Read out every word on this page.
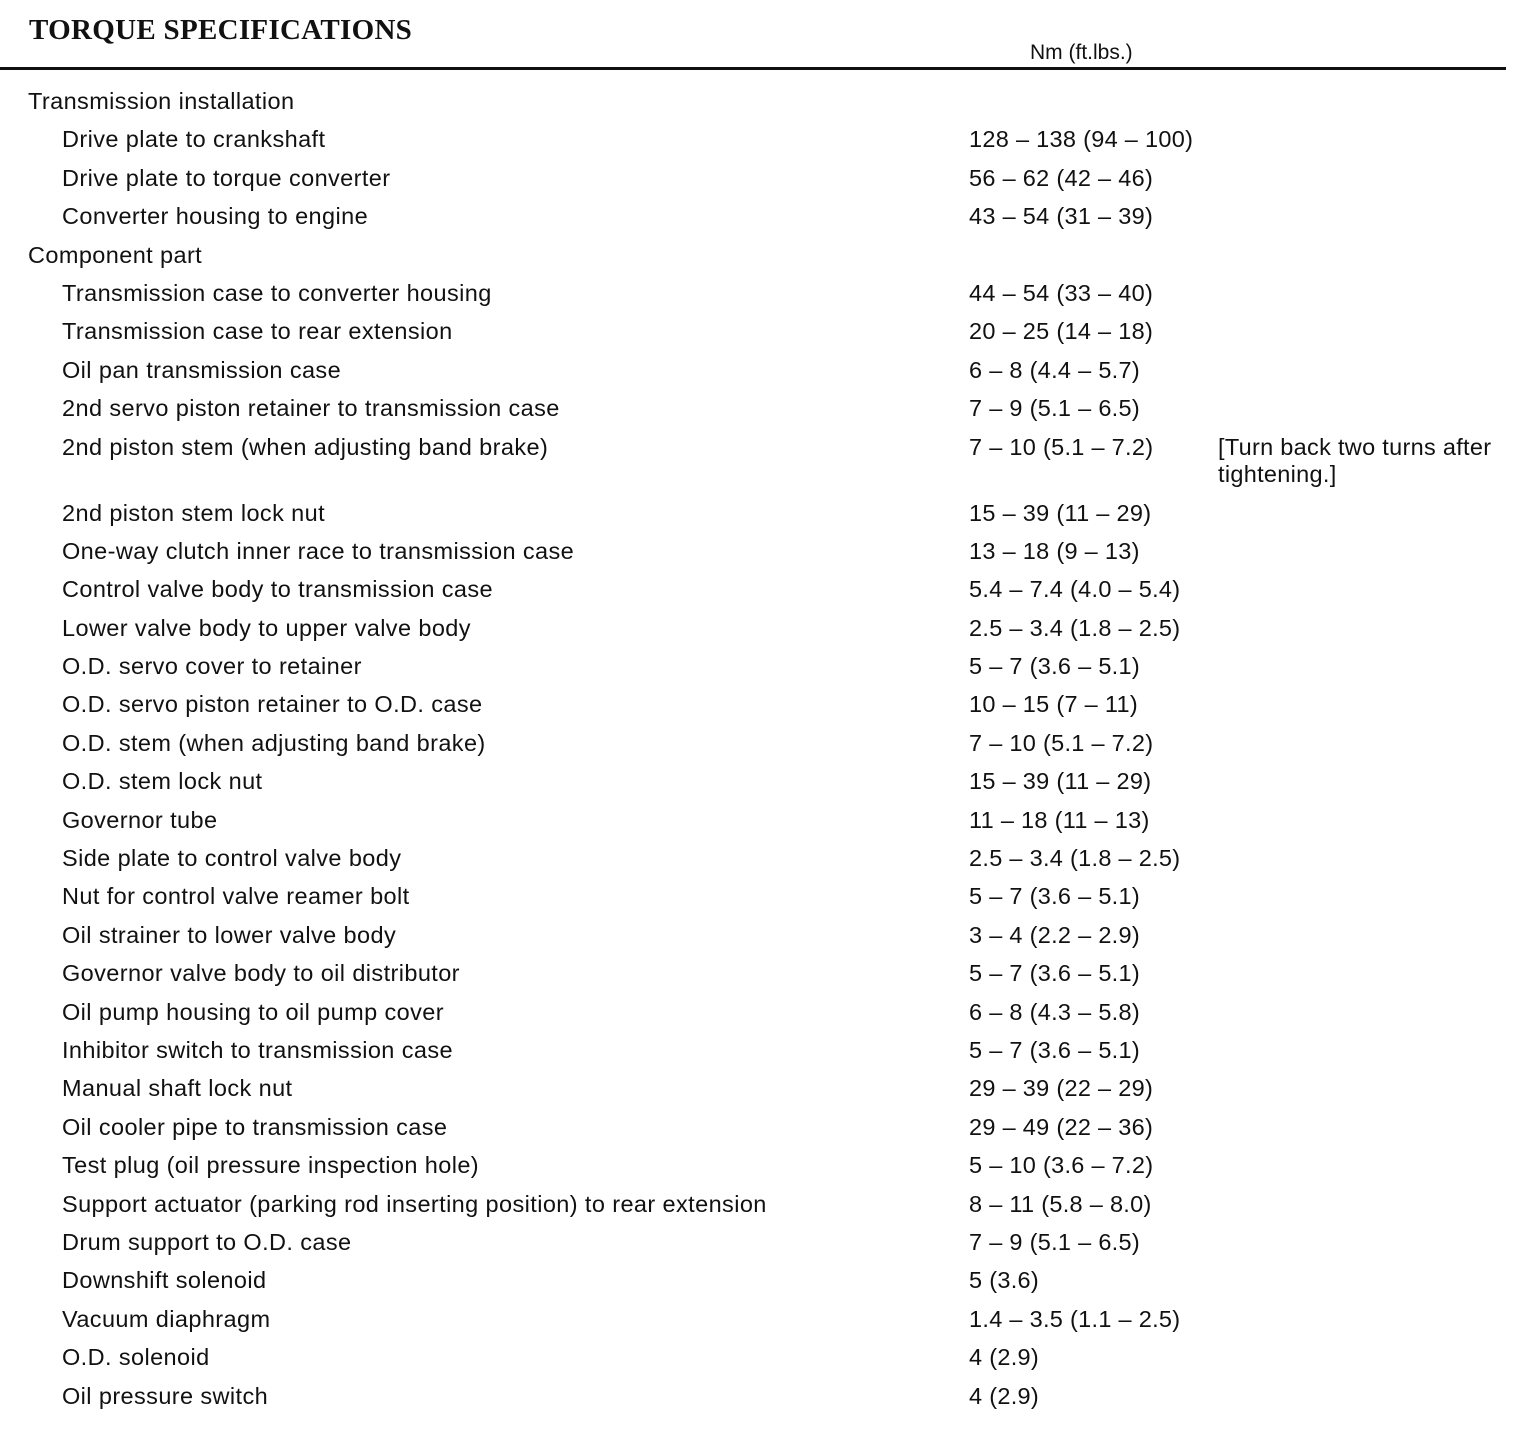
TORQUE SPECIFICATIONS
Nm (ft.lbs.)
Transmission installation
Drive plate to crankshaft	128 – 138 (94 – 100)
Drive plate to torque converter	56 – 62 (42 – 46)
Converter housing to engine	43 – 54 (31 – 39)
Component part
Transmission case to converter housing	44 – 54 (33 – 40)
Transmission case to rear extension	20 – 25 (14 – 18)
Oil pan transmission case	6 – 8 (4.4 – 5.7)
2nd servo piston retainer to transmission case	7 – 9 (5.1 – 6.5)
2nd piston stem (when adjusting band brake)	7 – 10 (5.1 – 7.2)	[Turn back two turns after tightening.]
2nd piston stem lock nut	15 – 39 (11 – 29)
One-way clutch inner race to transmission case	13 – 18 (9 – 13)
Control valve body to transmission case	5.4 – 7.4 (4.0 – 5.4)
Lower valve body to upper valve body	2.5 – 3.4 (1.8 – 2.5)
O.D. servo cover to retainer	5 – 7 (3.6 – 5.1)
O.D. servo piston retainer to O.D. case	10 – 15 (7 – 11)
O.D. stem (when adjusting band brake)	7 – 10 (5.1 – 7.2)
O.D. stem lock nut	15 – 39 (11 – 29)
Governor tube	11 – 18 (11 – 13)
Side plate to control valve body	2.5 – 3.4 (1.8 – 2.5)
Nut for control valve reamer bolt	5 – 7 (3.6 – 5.1)
Oil strainer to lower valve body	3 – 4 (2.2 – 2.9)
Governor valve body to oil distributor	5 – 7 (3.6 – 5.1)
Oil pump housing to oil pump cover	6 – 8 (4.3 – 5.8)
Inhibitor switch to transmission case	5 – 7 (3.6 – 5.1)
Manual shaft lock nut	29 – 39 (22 – 29)
Oil cooler pipe to transmission case	29 – 49 (22 – 36)
Test plug (oil pressure inspection hole)	5 – 10 (3.6 – 7.2)
Support actuator (parking rod inserting position) to rear extension	8 – 11 (5.8 – 8.0)
Drum support to O.D. case	7 – 9 (5.1 – 6.5)
Downshift solenoid	5 (3.6)
Vacuum diaphragm	1.4 – 3.5 (1.1 – 2.5)
O.D. solenoid	4 (2.9)
Oil pressure switch	4 (2.9)
